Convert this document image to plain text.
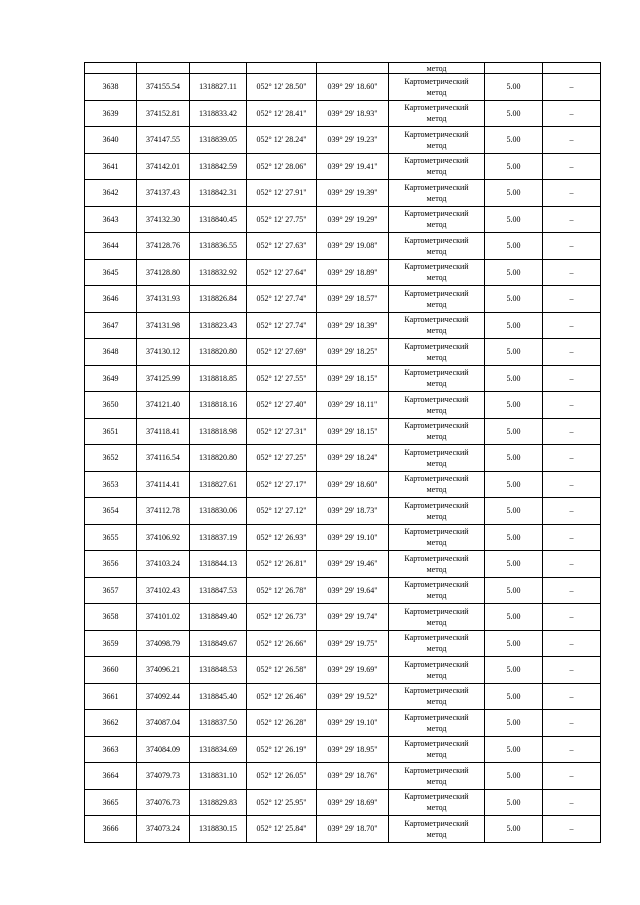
					метод		
3638	374155.54	1318827.11	052° 12' 28.50"	039° 29' 18.60"	Картометрический
метод	5.00	–
3639	374152.81	1318833.42	052° 12' 28.41"	039° 29' 18.93"	Картометрический
метод	5.00	–
3640	374147.55	1318839.05	052° 12' 28.24"	039° 29' 19.23"	Картометрический
метод	5.00	–
3641	374142.01	1318842.59	052° 12' 28.06"	039° 29' 19.41"	Картометрический
метод	5.00	–
3642	374137.43	1318842.31	052° 12' 27.91"	039° 29' 19.39"	Картометрический
метод	5.00	–
3643	374132.30	1318840.45	052° 12' 27.75"	039° 29' 19.29"	Картометрический
метод	5.00	–
3644	374128.76	1318836.55	052° 12' 27.63"	039° 29' 19.08"	Картометрический
метод	5.00	–
3645	374128.80	1318832.92	052° 12' 27.64"	039° 29' 18.89"	Картометрический
метод	5.00	–
3646	374131.93	1318826.84	052° 12' 27.74"	039° 29' 18.57"	Картометрический
метод	5.00	–
3647	374131.98	1318823.43	052° 12' 27.74"	039° 29' 18.39"	Картометрический
метод	5.00	–
3648	374130.12	1318820.80	052° 12' 27.69"	039° 29' 18.25"	Картометрический
метод	5.00	–
3649	374125.99	1318818.85	052° 12' 27.55"	039° 29' 18.15"	Картометрический
метод	5.00	–
3650	374121.40	1318818.16	052° 12' 27.40"	039° 29' 18.11"	Картометрический
метод	5.00	–
3651	374118.41	1318818.98	052° 12' 27.31"	039° 29' 18.15"	Картометрический
метод	5.00	–
3652	374116.54	1318820.80	052° 12' 27.25"	039° 29' 18.24"	Картометрический
метод	5.00	–
3653	374114.41	1318827.61	052° 12' 27.17"	039° 29' 18.60"	Картометрический
метод	5.00	–
3654	374112.78	1318830.06	052° 12' 27.12"	039° 29' 18.73"	Картометрический
метод	5.00	–
3655	374106.92	1318837.19	052° 12' 26.93"	039° 29' 19.10"	Картометрический
метод	5.00	–
3656	374103.24	1318844.13	052° 12' 26.81"	039° 29' 19.46"	Картометрический
метод	5.00	–
3657	374102.43	1318847.53	052° 12' 26.78"	039° 29' 19.64"	Картометрический
метод	5.00	–
3658	374101.02	1318849.40	052° 12' 26.73"	039° 29' 19.74"	Картометрический
метод	5.00	–
3659	374098.79	1318849.67	052° 12' 26.66"	039° 29' 19.75"	Картометрический
метод	5.00	–
3660	374096.21	1318848.53	052° 12' 26.58"	039° 29' 19.69"	Картометрический
метод	5.00	–
3661	374092.44	1318845.40	052° 12' 26.46"	039° 29' 19.52"	Картометрический
метод	5.00	–
3662	374087.04	1318837.50	052° 12' 26.28"	039° 29' 19.10"	Картометрический
метод	5.00	–
3663	374084.09	1318834.69	052° 12' 26.19"	039° 29' 18.95"	Картометрический
метод	5.00	–
3664	374079.73	1318831.10	052° 12' 26.05"	039° 29' 18.76"	Картометрический
метод	5.00	–
3665	374076.73	1318829.83	052° 12' 25.95"	039° 29' 18.69"	Картометрический
метод	5.00	–
3666	374073.24	1318830.15	052° 12' 25.84"	039° 29' 18.70"	Картометрический
метод	5.00	–
